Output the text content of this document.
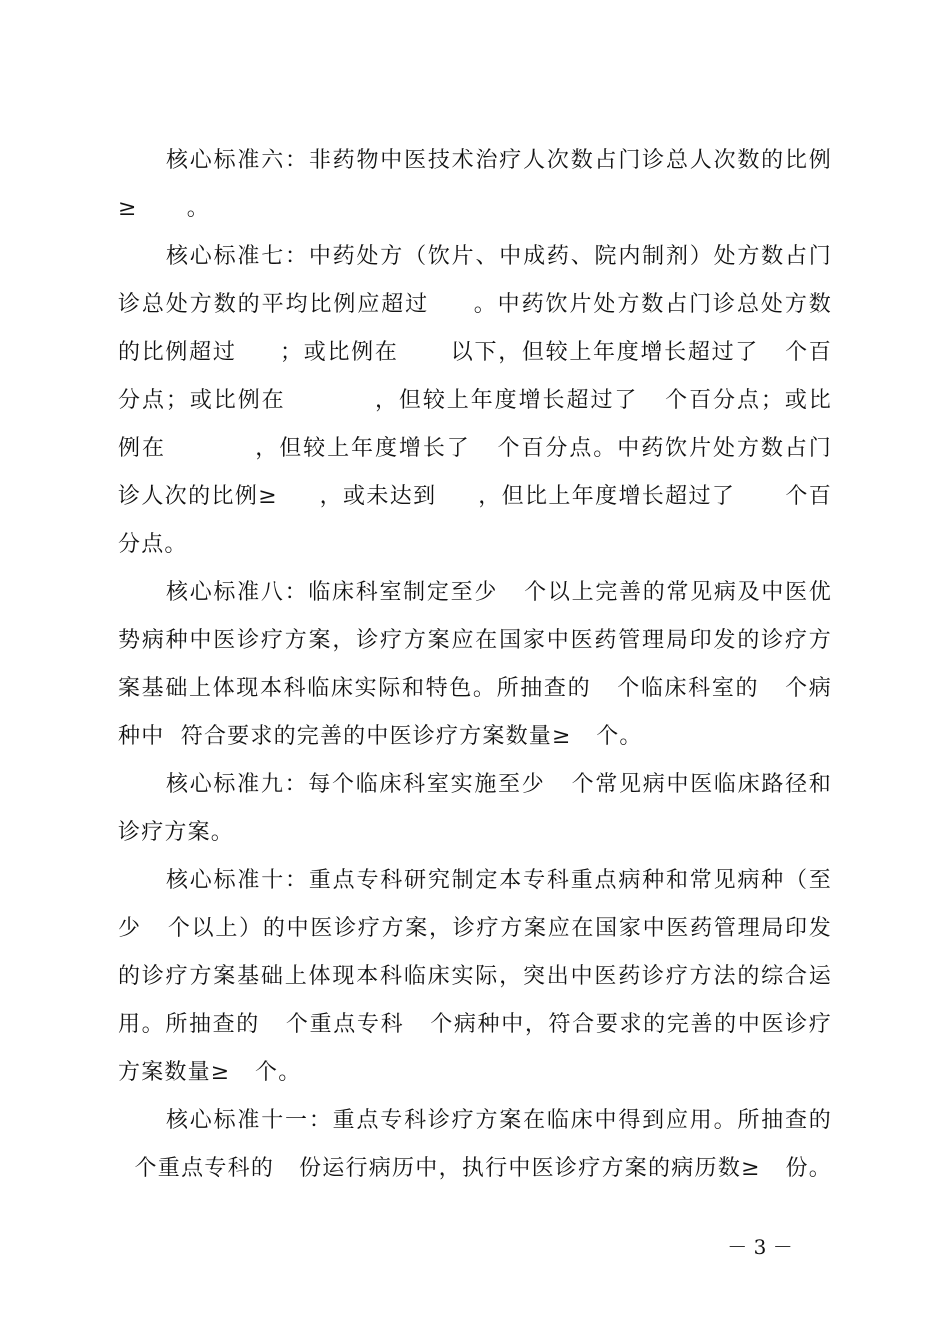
核心标准六：非药物中医技术治疗人次数占门诊总人次数的比例
≥      。
核心标准七：中药处方（饮片、中成药、院内制剂）处方数占门
诊总处方数的平均比例应超过     。中药饮片处方数占门诊总处方数
的比例超过     ；或比例在      以下，但较上年度增长超过了   个百
分点；或比例在          ，但较上年度增长超过了   个百分点；或比
例在          ，但较上年度增长了   个百分点。中药饮片处方数占门
诊人次的比例≥     ，或未达到     ，但比上年度增长超过了      个百
分点。
核心标准八：临床科室制定至少   个以上完善的常见病及中医优
势病种中医诊疗方案，诊疗方案应在国家中医药管理局印发的诊疗方
案基础上体现本科临床实际和特色。所抽查的   个临床科室的   个病
种中  符合要求的完善的中医诊疗方案数量≥   个。
核心标准九：每个临床科室实施至少   个常见病中医临床路径和
诊疗方案。
核心标准十：重点专科研究制定本专科重点病种和常见病种（至
少   个以上）的中医诊疗方案，诊疗方案应在国家中医药管理局印发
的诊疗方案基础上体现本科临床实际，突出中医药诊疗方法的综合运
用。所抽查的   个重点专科   个病种中，符合要求的完善的中医诊疗
方案数量≥   个。
核心标准十一：重点专科诊疗方案在临床中得到应用。所抽查的
个重点专科的   份运行病历中，执行中医诊疗方案的病历数≥   份。
－ 3 －
